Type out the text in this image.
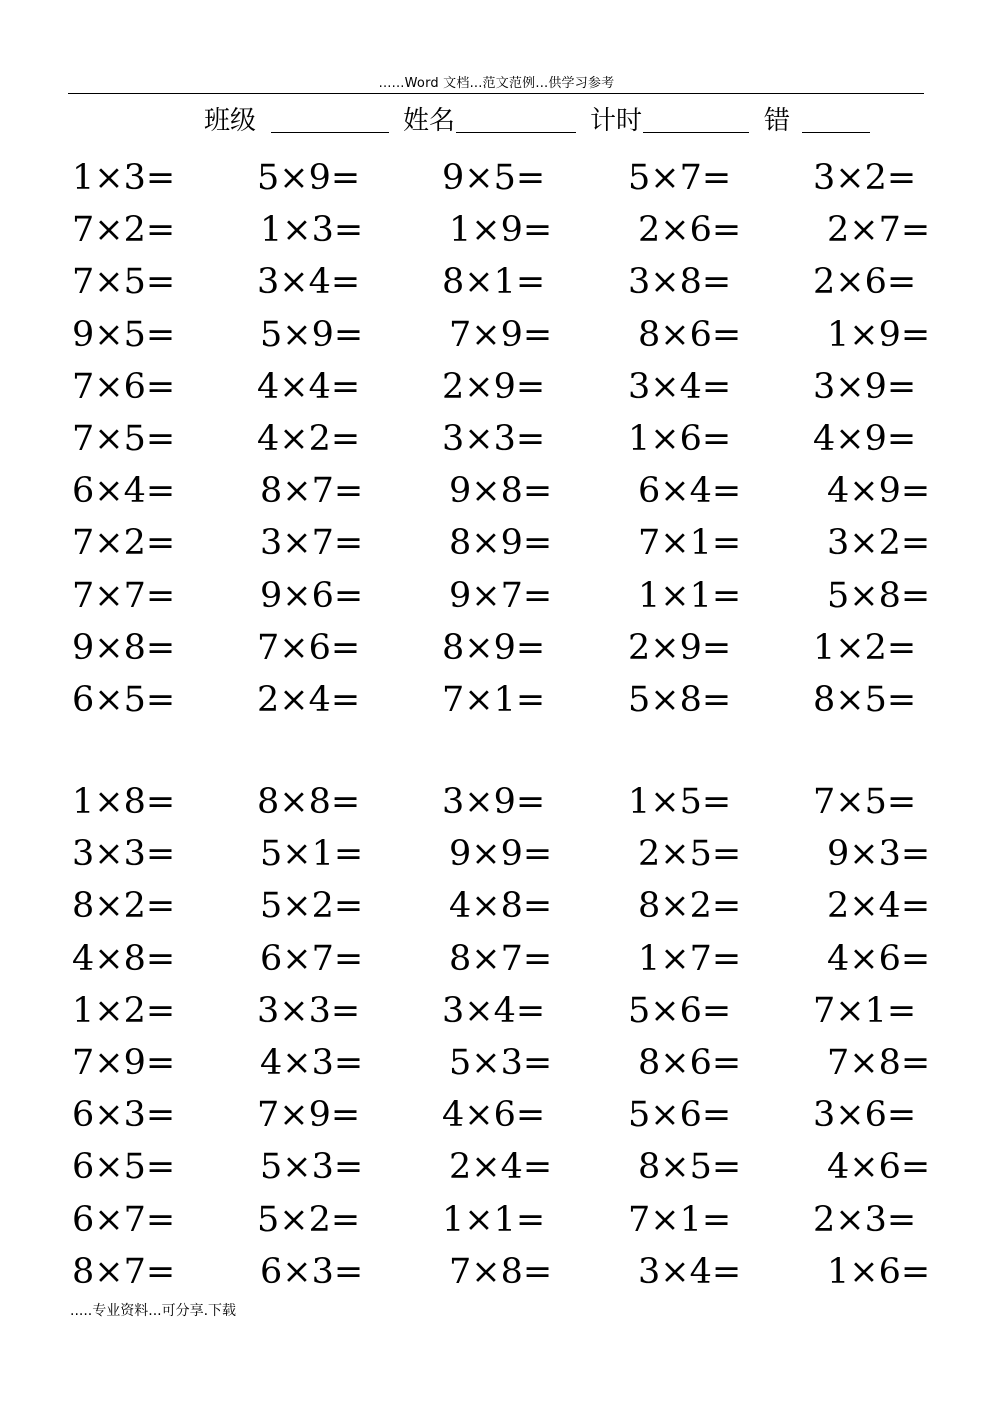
......Word 文档...范文范例...供学习参考
班级	姓名	计时	错
1×3= 5×9= 9×5= 5×7= 3×2=
7×2= 1×3= 1×9= 2×6= 2×7=
7×5= 3×4= 8×1= 3×8= 2×6=
9×5= 5×9= 7×9= 8×6= 1×9=
7×6= 4×4= 2×9= 3×4= 3×9=
7×5= 4×2= 3×3= 1×6= 4×9=
6×4= 8×7= 9×8= 6×4= 4×9=
7×2= 3×7= 8×9= 7×1= 3×2=
7×7= 9×6= 9×7= 1×1= 5×8=
9×8= 7×6= 8×9= 2×9= 1×2=
6×5= 2×4= 7×1= 5×8= 8×5=
1×8= 8×8= 3×9= 1×5= 7×5=
3×3= 5×1= 9×9= 2×5= 9×3=
8×2= 5×2= 4×8= 8×2= 2×4=
4×8= 6×7= 8×7= 1×7= 4×6=
1×2= 3×3= 3×4= 5×6= 7×1=
7×9= 4×3= 5×3= 8×6= 7×8=
6×3= 7×9= 4×6= 5×6= 3×6=
6×5= 5×3= 2×4= 8×5= 4×6=
6×7= 5×2= 1×1= 7×1= 2×3=
8×7= 6×3= 7×8= 3×4= 1×6=
.....专业资料...可分享.下载
